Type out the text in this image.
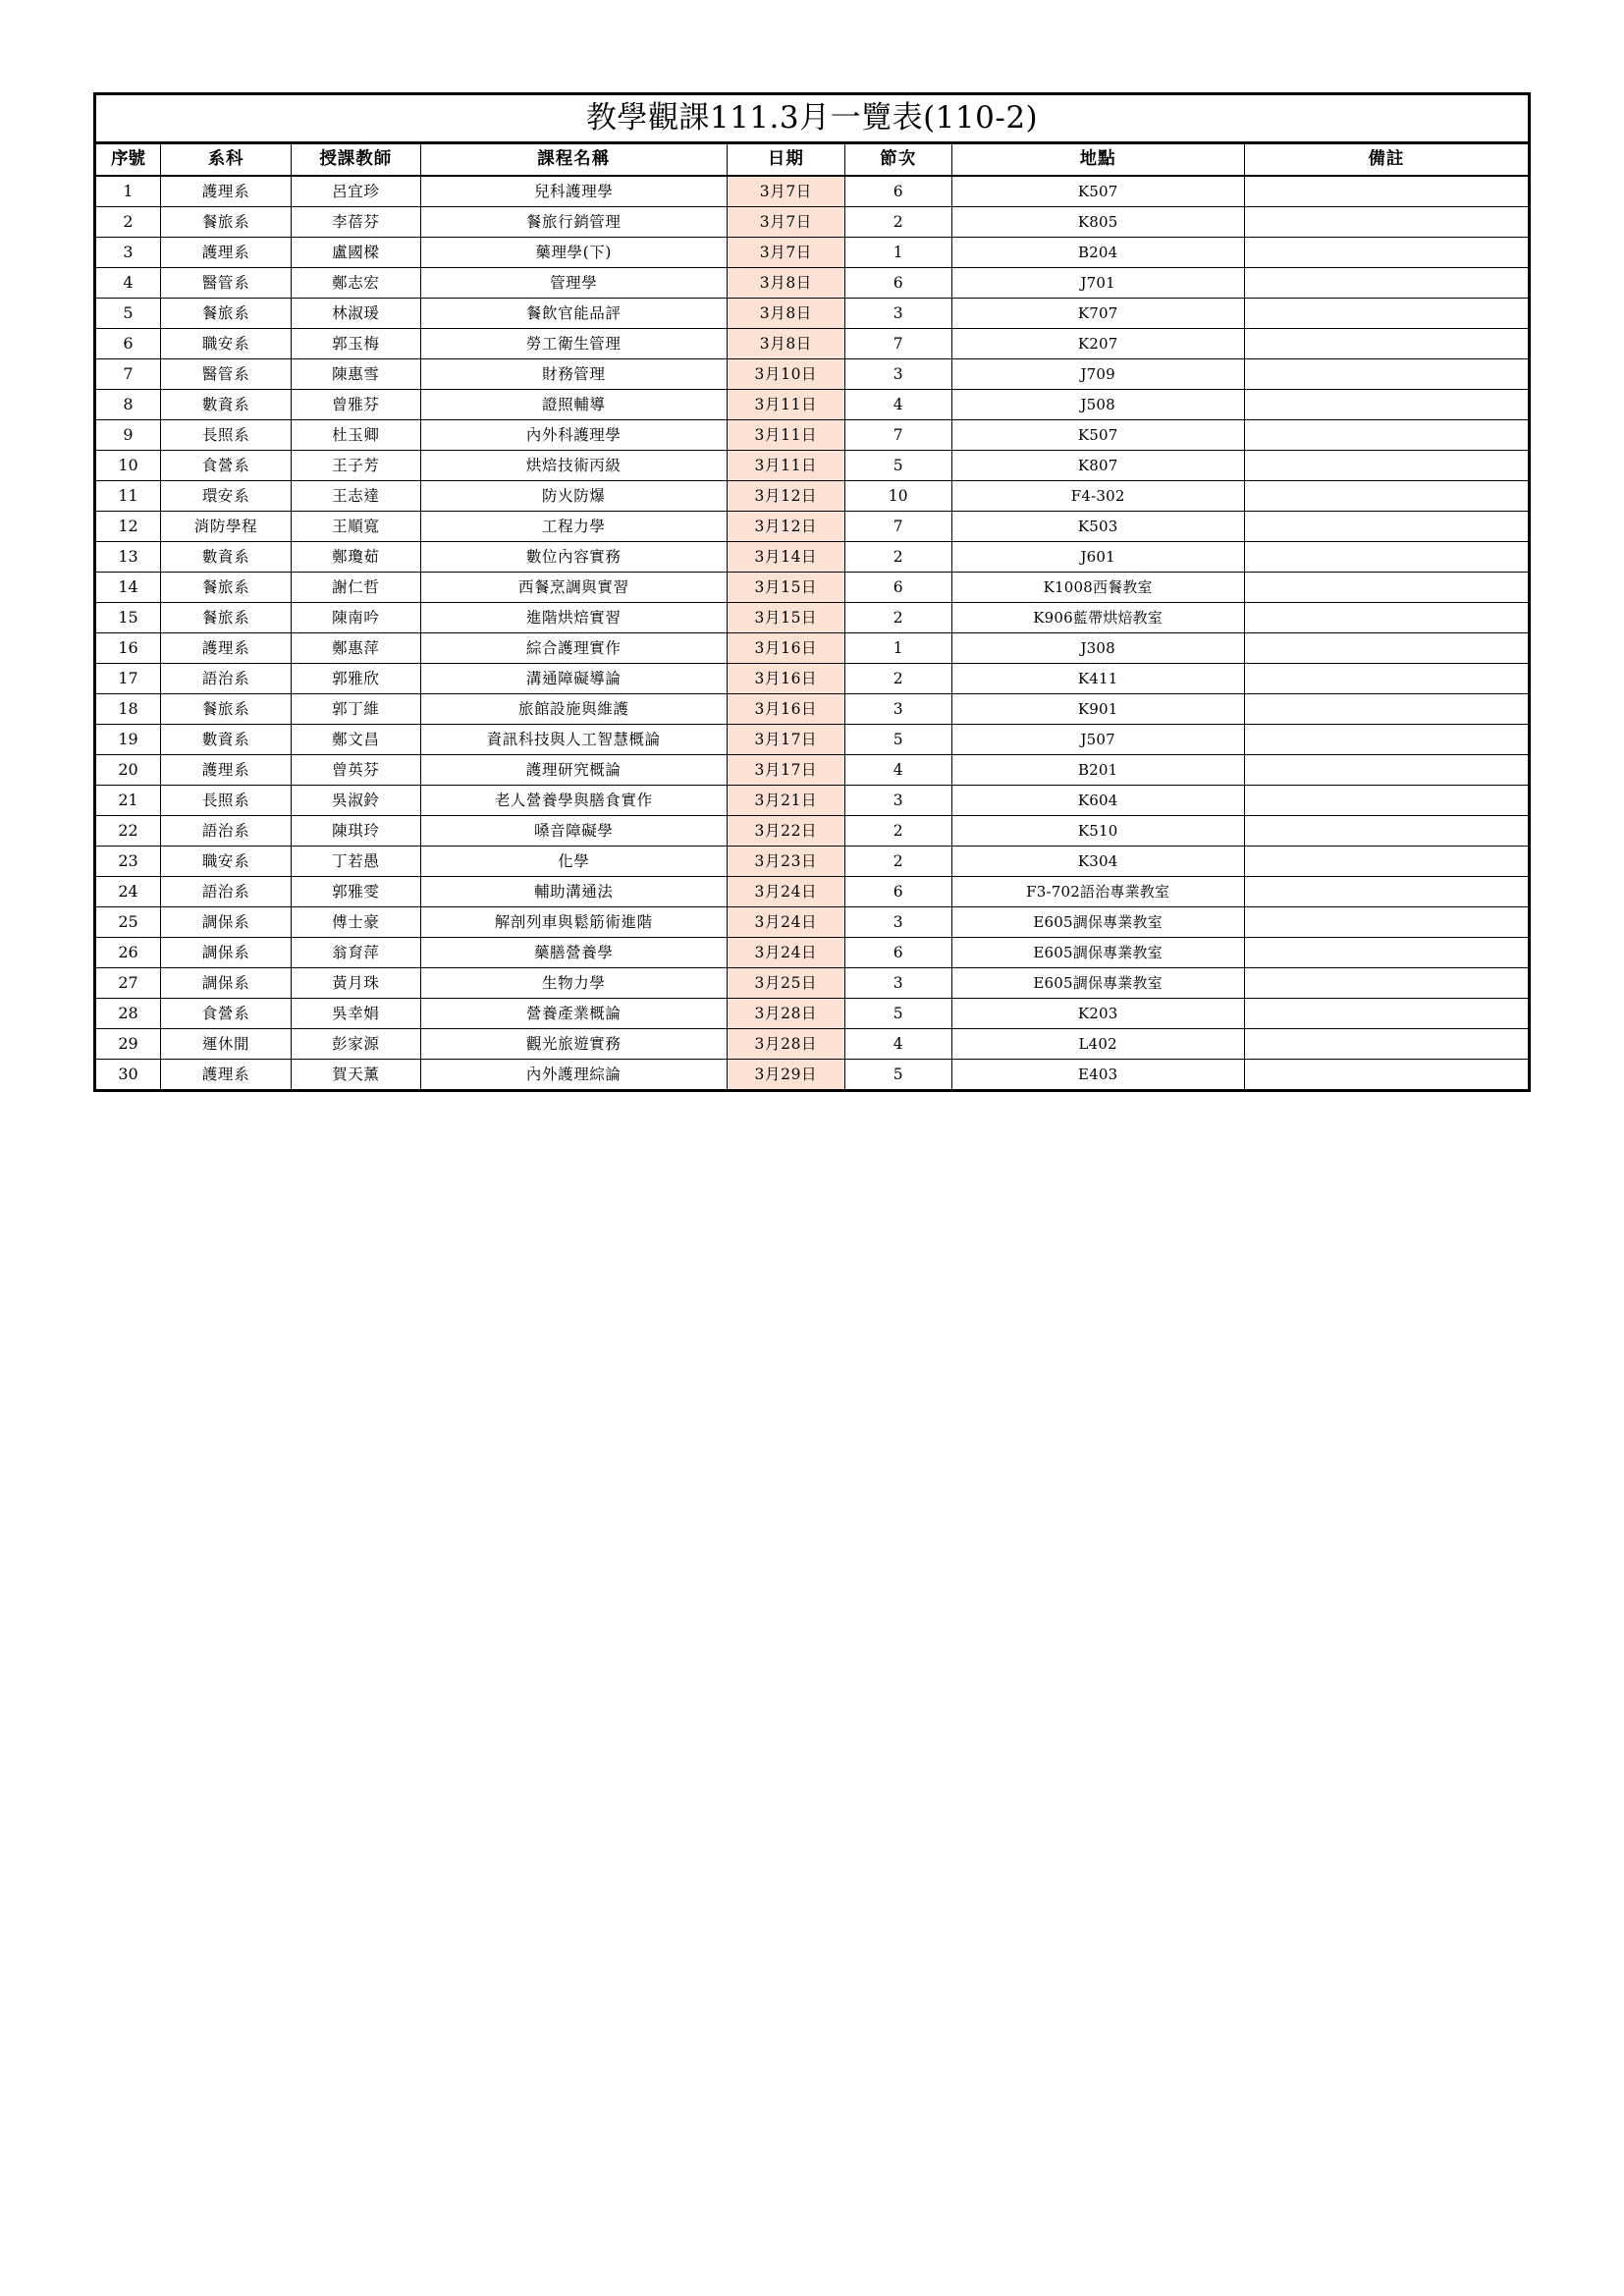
教學觀課111.3月一覽表(110-2)							
序號	系科	授課教師	課程名稱	日期	節次	地點	備註
1	護理系	呂宜珍	兒科護理學	3月7日	6	K507	
2	餐旅系	李蓓芬	餐旅行銷管理	3月7日	2	K805	
3	護理系	盧國樑	藥理學(下)	3月7日	1	B204	
4	醫管系	鄭志宏	管理學	3月8日	6	J701	
5	餐旅系	林淑瑗	餐飲官能品評	3月8日	3	K707	
6	職安系	郭玉梅	勞工衛生管理	3月8日	7	K207	
7	醫管系	陳惠雪	財務管理	3月10日	3	J709	
8	數資系	曾雅芬	證照輔導	3月11日	4	J508	
9	長照系	杜玉卿	內外科護理學	3月11日	7	K507	
10	食營系	王子芳	烘焙技術丙級	3月11日	5	K807	
11	環安系	王志達	防火防爆	3月12日	10	F4-302	
12	消防學程	王順寬	工程力學	3月12日	7	K503	
13	數資系	鄭瓊茹	數位內容實務	3月14日	2	J601	
14	餐旅系	謝仁哲	西餐烹調與實習	3月15日	6	K1008西餐教室	
15	餐旅系	陳南吟	進階烘焙實習	3月15日	2	K906藍帶烘焙教室	
16	護理系	鄭惠萍	綜合護理實作	3月16日	1	J308	
17	語治系	郭雅欣	溝通障礙導論	3月16日	2	K411	
18	餐旅系	郭丁維	旅館設施與維護	3月16日	3	K901	
19	數資系	鄭文昌	資訊科技與人工智慧概論	3月17日	5	J507	
20	護理系	曾英芬	護理研究概論	3月17日	4	B201	
21	長照系	吳淑鈴	老人營養學與膳食實作	3月21日	3	K604	
22	語治系	陳琪玲	嗓音障礙學	3月22日	2	K510	
23	職安系	丁若愚	化學	3月23日	2	K304	
24	語治系	郭雅雯	輔助溝通法	3月24日	6	F3-702語治專業教室	
25	調保系	傅士豪	解剖列車與鬆筋術進階	3月24日	3	E605調保專業教室	
26	調保系	翁育萍	藥膳營養學	3月24日	6	E605調保專業教室	
27	調保系	黃月珠	生物力學	3月25日	3	E605調保專業教室	
28	食營系	吳幸娟	營養產業概論	3月28日	5	K203	
29	運休閒	彭家源	觀光旅遊實務	3月28日	4	L402	
30	護理系	賀天薰	內外護理綜論	3月29日	5	E403	
